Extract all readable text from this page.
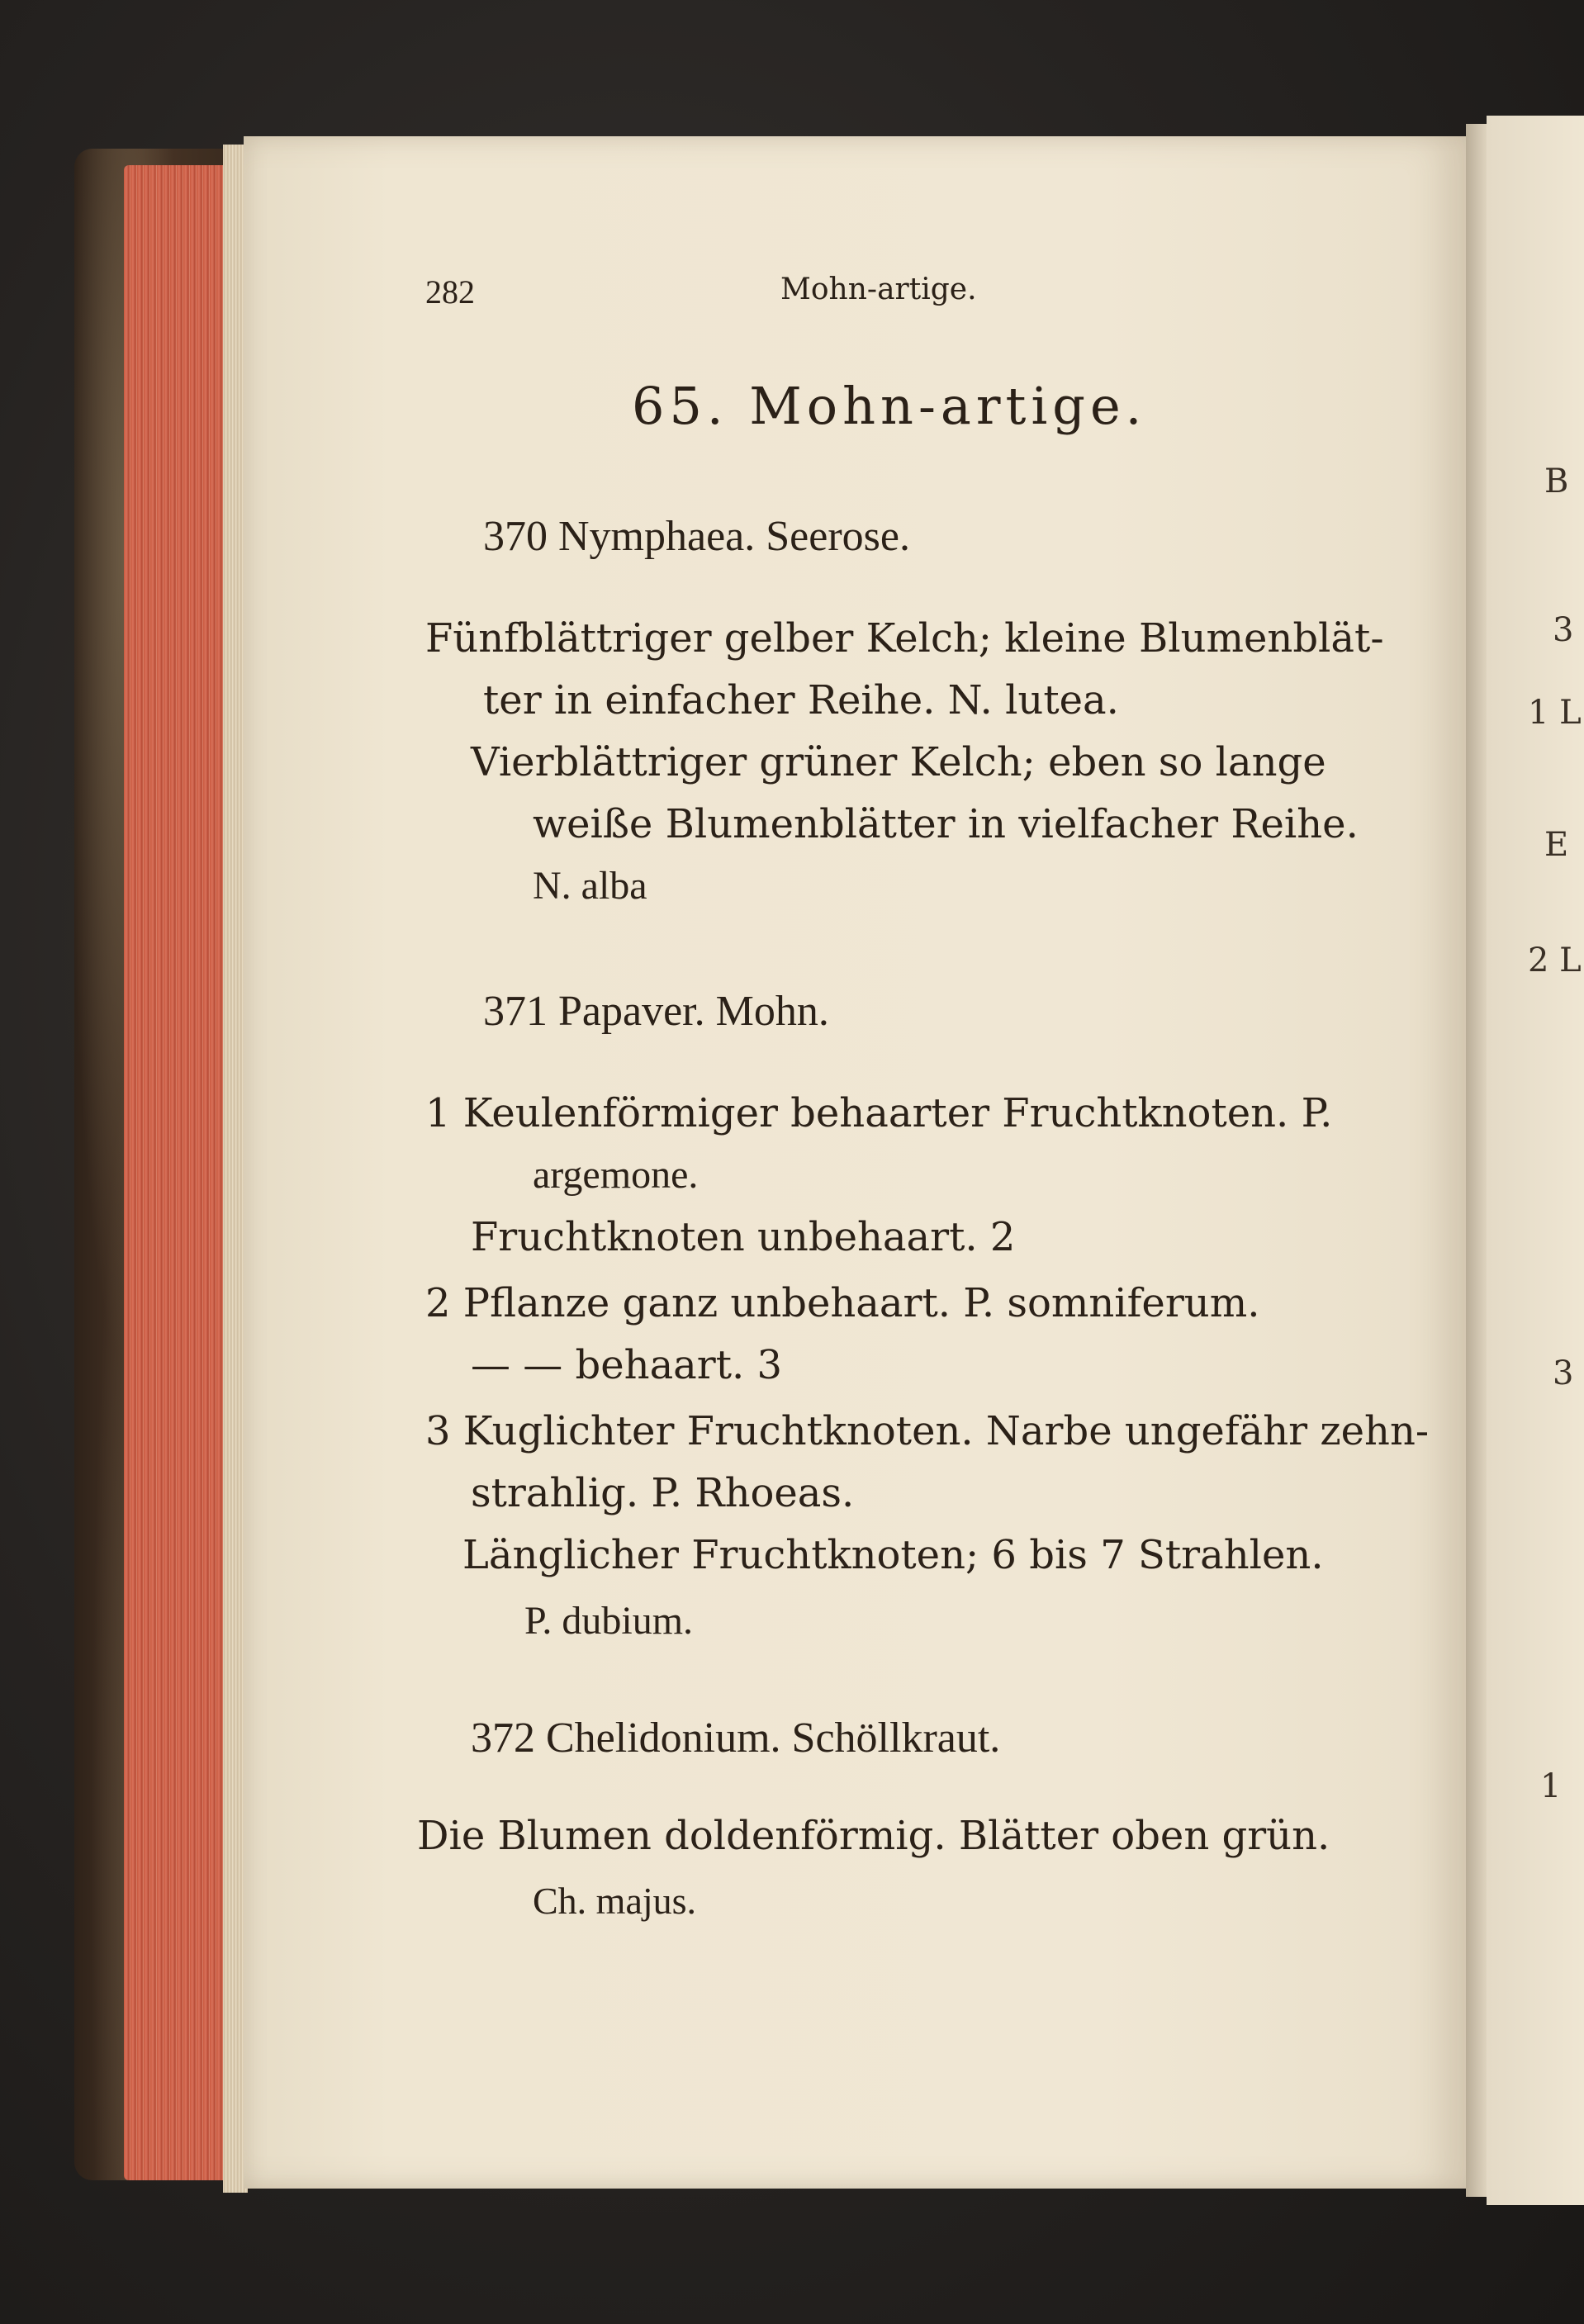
282	Mohn-artige.
65. Mohn-artige.
370 Nymphaea. Seerose.
Fünfblättriger gelber Kelch; kleine Blumenblät-
ter in einfacher Reihe. N. lutea.
Vierblättriger grüner Kelch; eben so lange
weiße Blumenblätter in vielfacher Reihe.
N. alba
371 Papaver. Mohn.
1 Keulenförmiger behaarter Fruchtknoten. P.
argemone.
Fruchtknoten unbehaart. 2
2 Pflanze ganz unbehaart. P. somniferum.
— — behaart. 3
3 Kuglichter Fruchtknoten. Narbe ungefähr zehn-
strahlig. P. Rhoeas.
Länglicher Fruchtknoten; 6 bis 7 Strahlen.
P. dubium.
372 Chelidonium. Schöllkraut.
Die Blumen doldenförmig. Blätter oben grün.
Ch. majus.
B
3
1 L
E
2 L
3
1
